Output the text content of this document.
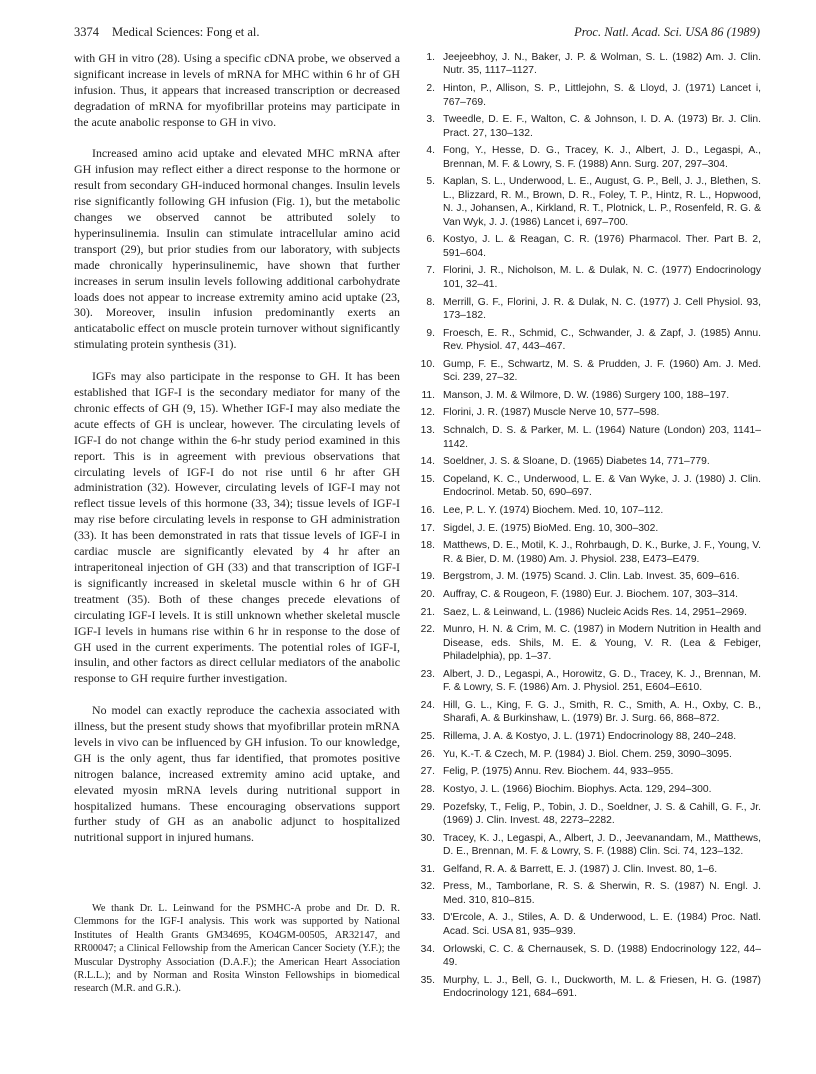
3374 Medical Sciences: Fong et al.	Proc. Natl. Acad. Sci. USA 86 (1989)

with GH in vitro (28). Using a specific cDNA probe, we observed a significant increase in levels of mRNA for MHC within 6 hr of GH infusion. Thus, it appears that increased transcription or decreased degradation of mRNA for myofibrillar proteins may participate in the acute anabolic response to GH in vivo.

Increased amino acid uptake and elevated MHC mRNA after GH infusion may reflect either a direct response to the hormone or result from secondary GH-induced hormonal changes. Insulin levels rise significantly following GH infusion (Fig. 1), but the metabolic changes we observed cannot be attributed solely to hyperinsulinemia. Insulin can stimulate intracellular amino acid transport (29), but prior studies from our laboratory, with subjects made chronically hyperinsulinemic, have shown that further increases in serum insulin levels following additional carbohydrate loads does not appear to increase extremity amino acid uptake (23, 30). Moreover, insulin infusion predominantly exerts an anticatabolic effect on muscle protein turnover without significantly stimulating protein synthesis (31).

IGFs may also participate in the response to GH. It has been established that IGF-I is the secondary mediator for many of the chronic effects of GH (9, 15). Whether IGF-I may also mediate the acute effects of GH is unclear, however. The circulating levels of IGF-I do not change within the 6-hr study period examined in this report. This is in agreement with previous observations that circulating levels of IGF-I do not rise until 6 hr after GH administration (32). However, circulating levels of IGF-I may not reflect tissue levels of this hormone (33, 34); tissue levels of IGF-I may rise before circulating levels in response to GH administration (33). It has been demonstrated in rats that tissue levels of IGF-I in cardiac muscle are significantly elevated by 4 hr after an intraperitoneal injection of GH (33) and that transcription of IGF-I is significantly increased in skeletal muscle within 6 hr of GH treatment (35). Both of these changes precede elevations of circulating IGF-I levels. It is still unknown whether skeletal muscle IGF-I levels in humans rise within 6 hr in response to the dose of GH used in the current experiments. The potential roles of IGF-I, insulin, and other factors as direct cellular mediators of the anabolic response to GH require further investigation.

No model can exactly reproduce the cachexia associated with illness, but the present study shows that myofibrillar protein mRNA levels in vivo can be influenced by GH infusion. To our knowledge, GH is the only agent, thus far identified, that promotes positive nitrogen balance, increased extremity amino acid uptake, and elevated myosin mRNA levels during nutritional support in hospitalized humans. These encouraging observations support further study of GH as an anabolic adjunct to hospitalized nutritional support in injured humans.

We thank Dr. L. Leinwand for the PSMHC-A probe and Dr. D. R. Clemmons for the IGF-I analysis. This work was supported by National Institutes of Health Grants GM34695, KO4GM-00505, AR32147, and RR00047; a Clinical Fellowship from the American Cancer Society (Y.F.); the Muscular Dystrophy Association (D.A.F.); the American Heart Association (R.L.L.); and by Norman and Rosita Winston Fellowships in biomedical research (M.R. and G.R.).

1. Jeejeebhoy, J. N., Baker, J. P. & Wolman, S. L. (1982) Am. J. Clin. Nutr. 35, 1117–1127.
2. Hinton, P., Allison, S. P., Littlejohn, S. & Lloyd, J. (1971) Lancet i, 767–769.
3. Tweedle, D. E. F., Walton, C. & Johnson, I. D. A. (1973) Br. J. Clin. Pract. 27, 130–132.
4. Fong, Y., Hesse, D. G., Tracey, K. J., Albert, J. D., Legaspi, A., Brennan, M. F. & Lowry, S. F. (1988) Ann. Surg. 207, 297–304.
5. Kaplan, S. L., Underwood, L. E., August, G. P., Bell, J. J., Blethen, S. L., Blizzard, R. M., Brown, D. R., Foley, T. P., Hintz, R. L., Hopwood, N. J., Johansen, A., Kirkland, R. T., Plotnick, L. P., Rosenfeld, R. G. & Van Wyk, J. J. (1986) Lancet i, 697–700.
6. Kostyo, J. L. & Reagan, C. R. (1976) Pharmacol. Ther. Part B. 2, 591–604.
7. Florini, J. R., Nicholson, M. L. & Dulak, N. C. (1977) Endocrinology 101, 32–41.
8. Merrill, G. F., Florini, J. R. & Dulak, N. C. (1977) J. Cell Physiol. 93, 173–182.
9. Froesch, E. R., Schmid, C., Schwander, J. & Zapf, J. (1985) Annu. Rev. Physiol. 47, 443–467.
10. Gump, F. E., Schwartz, M. S. & Prudden, J. F. (1960) Am. J. Med. Sci. 239, 27–32.
11. Manson, J. M. & Wilmore, D. W. (1986) Surgery 100, 188–197.
12. Florini, J. R. (1987) Muscle Nerve 10, 577–598.
13. Schnalch, D. S. & Parker, M. L. (1964) Nature (London) 203, 1141–1142.
14. Soeldner, J. S. & Sloane, D. (1965) Diabetes 14, 771–779.
15. Copeland, K. C., Underwood, L. E. & Van Wyke, J. J. (1980) J. Clin. Endocrinol. Metab. 50, 690–697.
16. Lee, P. L. Y. (1974) Biochem. Med. 10, 107–112.
17. Sigdel, J. E. (1975) BioMed. Eng. 10, 300–302.
18. Matthews, D. E., Motil, K. J., Rohrbaugh, D. K., Burke, J. F., Young, V. R. & Bier, D. M. (1980) Am. J. Physiol. 238, E473–E479.
19. Bergstrom, J. M. (1975) Scand. J. Clin. Lab. Invest. 35, 609–616.
20. Auffray, C. & Rougeon, F. (1980) Eur. J. Biochem. 107, 303–314.
21. Saez, L. & Leinwand, L. (1986) Nucleic Acids Res. 14, 2951–2969.
22. Munro, H. N. & Crim, M. C. (1987) in Modern Nutrition in Health and Disease, eds. Shils, M. E. & Young, V. R. (Lea & Febiger, Philadelphia), pp. 1–37.
23. Albert, J. D., Legaspi, A., Horowitz, G. D., Tracey, K. J., Brennan, M. F. & Lowry, S. F. (1986) Am. J. Physiol. 251, E604–E610.
24. Hill, G. L., King, F. G. J., Smith, R. C., Smith, A. H., Oxby, C. B., Sharafi, A. & Burkinshaw, L. (1979) Br. J. Surg. 66, 868–872.
25. Rillema, J. A. & Kostyo, J. L. (1971) Endocrinology 88, 240–248.
26. Yu, K.-T. & Czech, M. P. (1984) J. Biol. Chem. 259, 3090–3095.
27. Felig, P. (1975) Annu. Rev. Biochem. 44, 933–955.
28. Kostyo, J. L. (1966) Biochim. Biophys. Acta. 129, 294–300.
29. Pozefsky, T., Felig, P., Tobin, J. D., Soeldner, J. S. & Cahill, G. F., Jr. (1969) J. Clin. Invest. 48, 2273–2282.
30. Tracey, K. J., Legaspi, A., Albert, J. D., Jeevanandam, M., Matthews, D. E., Brennan, M. F. & Lowry, S. F. (1988) Clin. Sci. 74, 123–132.
31. Gelfand, R. A. & Barrett, E. J. (1987) J. Clin. Invest. 80, 1–6.
32. Press, M., Tamborlane, R. S. & Sherwin, R. S. (1987) N. Engl. J. Med. 310, 810–815.
33. D'Ercole, A. J., Stiles, A. D. & Underwood, L. E. (1984) Proc. Natl. Acad. Sci. USA 81, 935–939.
34. Orlowski, C. C. & Chernausek, S. D. (1988) Endocrinology 122, 44–49.
35. Murphy, L. J., Bell, G. I., Duckworth, M. L. & Friesen, H. G. (1987) Endocrinology 121, 684–691.
